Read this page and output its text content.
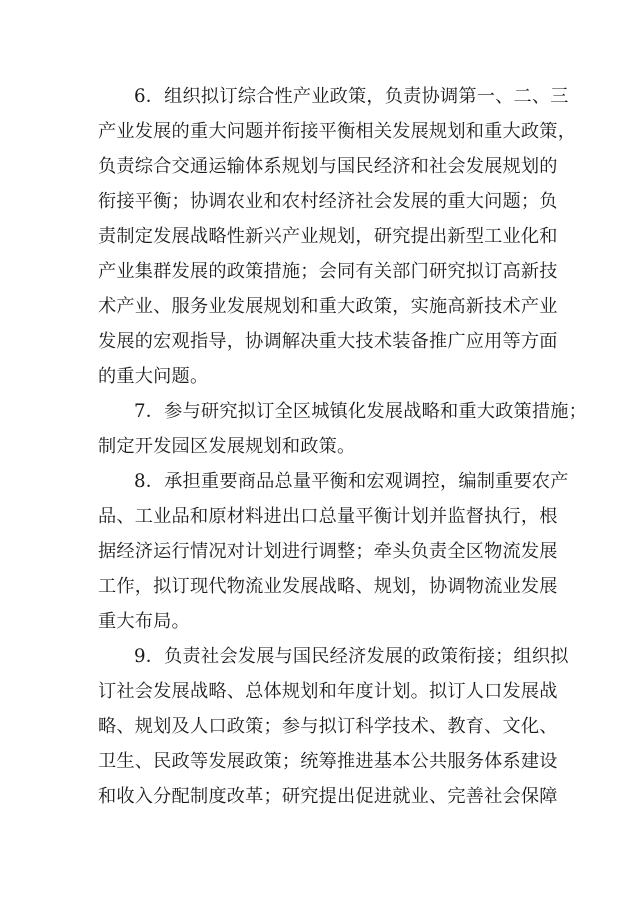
6．组织拟订综合性产业政策，负责协调第一、二、三
产业发展的重大问题并衔接平衡相关发展规划和重大政策，
负责综合交通运输体系规划与国民经济和社会发展规划的
衔接平衡；协调农业和农村经济社会发展的重大问题；负
责制定发展战略性新兴产业规划，研究提出新型工业化和
产业集群发展的政策措施；会同有关部门研究拟订高新技
术产业、服务业发展规划和重大政策，实施高新技术产业
发展的宏观指导，协调解决重大技术装备推广应用等方面
的重大问题。
7．参与研究拟订全区城镇化发展战略和重大政策措施；
制定开发园区发展规划和政策。
8．承担重要商品总量平衡和宏观调控，编制重要农产
品、工业品和原材料进出口总量平衡计划并监督执行，根
据经济运行情况对计划进行调整；牵头负责全区物流发展
工作，拟订现代物流业发展战略、规划，协调物流业发展
重大布局。
9．负责社会发展与国民经济发展的政策衔接；组织拟
订社会发展战略、总体规划和年度计划。拟订人口发展战
略、规划及人口政策；参与拟订科学技术、教育、文化、
卫生、民政等发展政策；统筹推进基本公共服务体系建设
和收入分配制度改革；研究提出促进就业、完善社会保障
